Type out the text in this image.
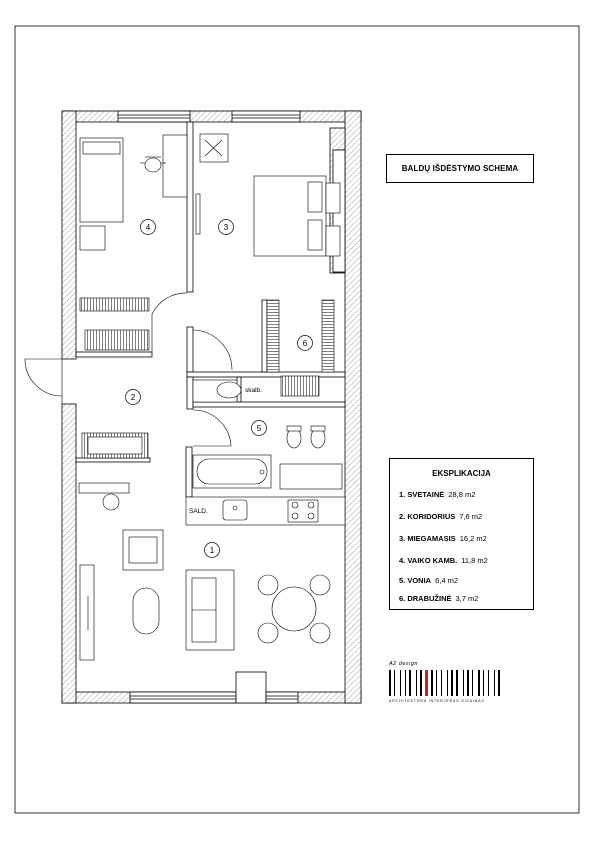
1
2
3
4
5
6
skalb.
SALD.
BALDŲ IŠDĖSTYMO SCHEMA
EKSPLIKACIJA
1. SVETAINĖ 28,8 m2
2. KORIDORIUS 7,6 m2
3. MIEGAMASIS 16,2 m2
4. VAIKO KAMB. 11,8 m2
5. VONIA 6,4 m2
6. DRABUŽINĖ 3,7 m2
A2 design
ARCHITEKTŪRA INTERJERAS DIZAINAS
